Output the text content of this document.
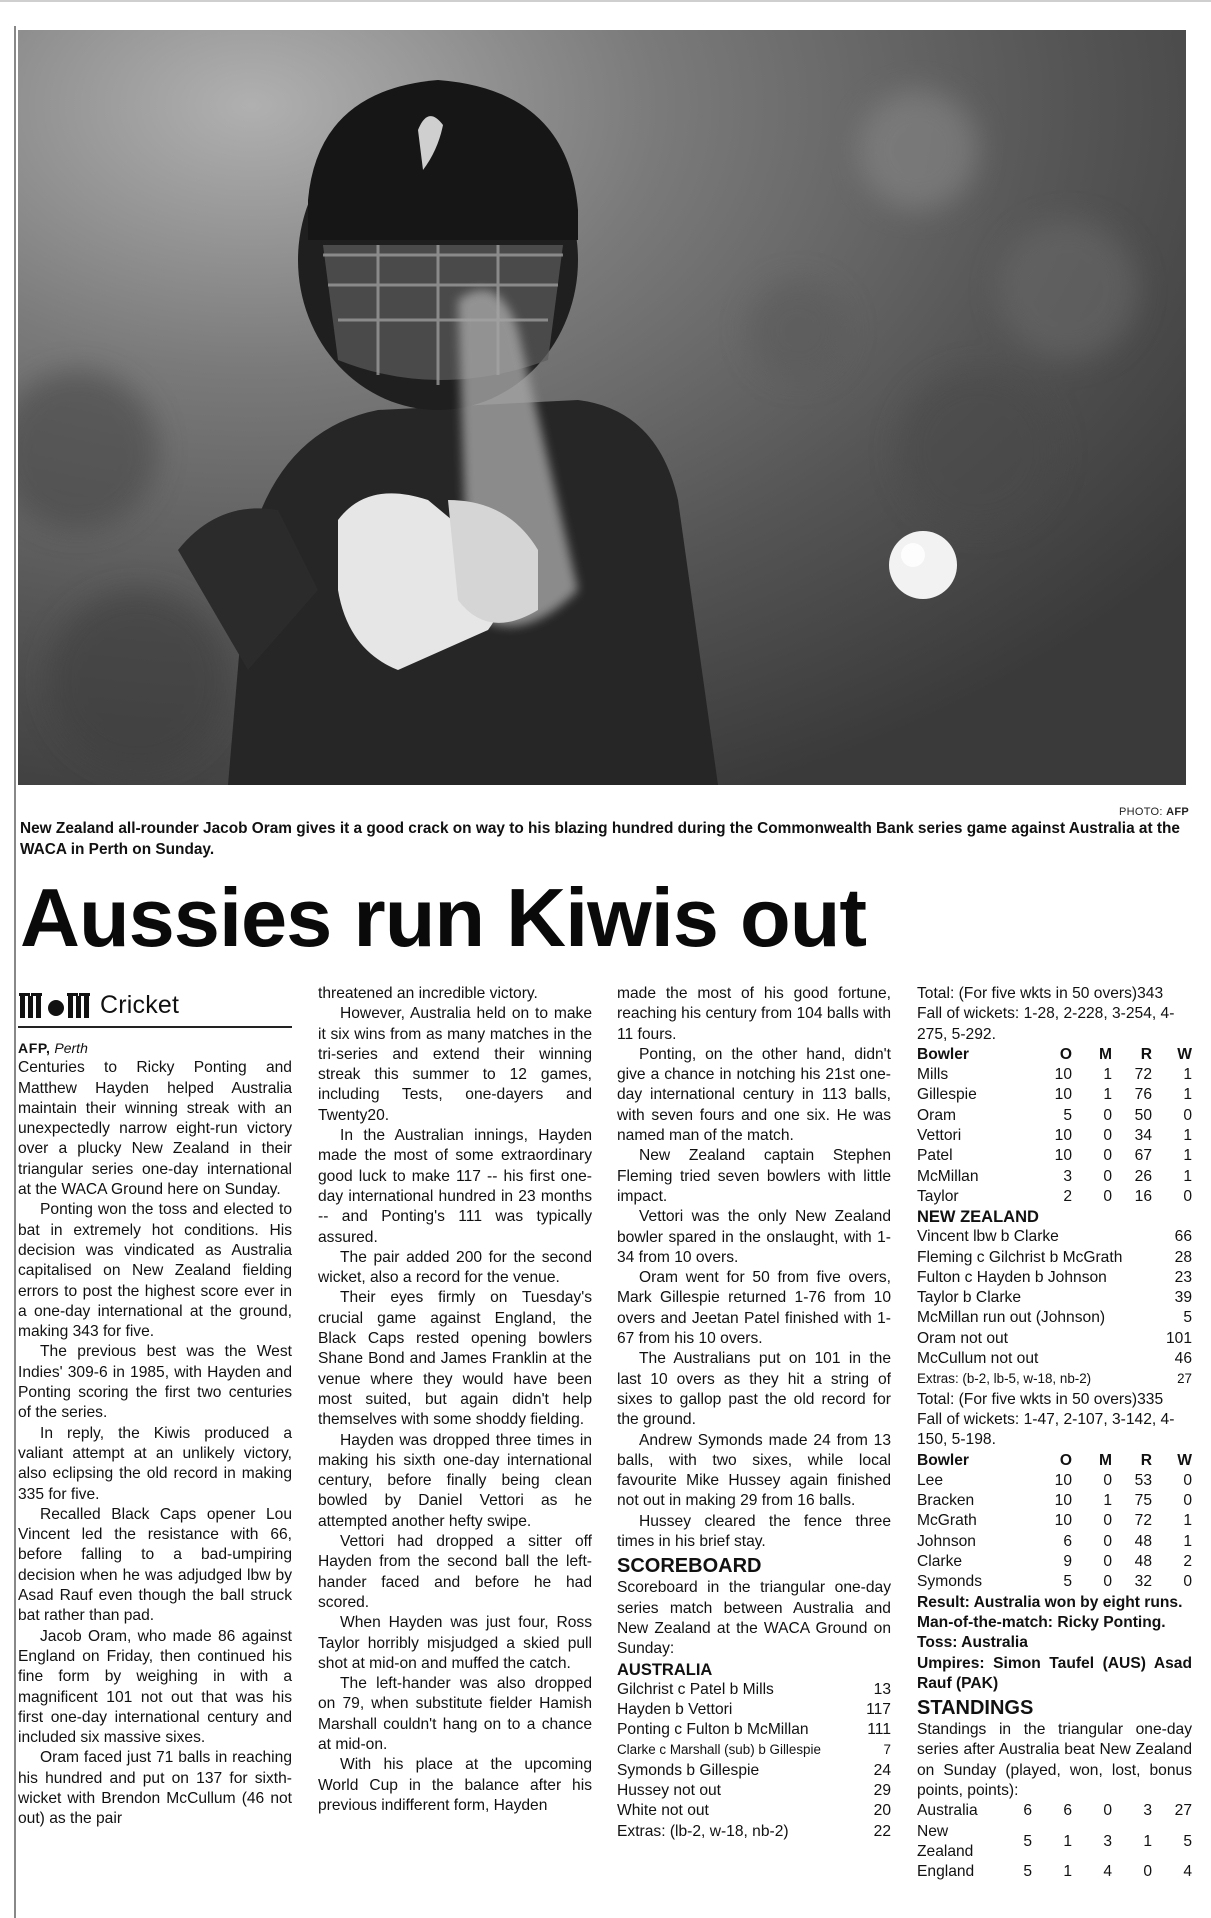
PHOTO: AFP
New Zealand all-rounder Jacob Oram gives it a good crack on way to his blazing hundred during the Commonwealth Bank series game against Australia at the WACA in Perth on Sunday.
Aussies run Kiwis out
Cricket

AFP, Perth

Centuries to Ricky Ponting and Matthew Hayden helped Australia maintain their winning streak with an unexpectedly narrow eight-run victory over a plucky New Zealand in their triangular series one-day international at the WACA Ground here on Sunday.

Ponting won the toss and elected to bat in extremely hot conditions. His decision was vindicated as Australia capitalised on New Zealand fielding errors to post the highest score ever in a one-day international at the ground, making 343 for five.

The previous best was the West Indies' 309-6 in 1985, with Hayden and Ponting scoring the first two centuries of the series.

In reply, the Kiwis produced a valiant attempt at an unlikely victory, also eclipsing the old record in making 335 for five.

Recalled Black Caps opener Lou Vincent led the resistance with 66, before falling to a bad-umpiring decision when he was adjudged lbw by Asad Rauf even though the ball struck bat rather than pad.

Jacob Oram, who made 86 against England on Friday, then continued his fine form by weighing in with a magnificent 101 not out that was his first one-day international century and included six massive sixes.

Oram faced just 71 balls in reaching his hundred and put on 137 for sixth-wicket with Brendon McCullum (46 not out) as the pair

threatened an incredible victory.

However, Australia held on to make it six wins from as many matches in the tri-series and extend their winning streak this summer to 12 games, including Tests, one-dayers and Twenty20.

In the Australian innings, Hayden made the most of some extraordinary good luck to make 117 -- his first one-day international hundred in 23 months -- and Ponting's 111 was typically assured.

The pair added 200 for the second wicket, also a record for the venue.

Their eyes firmly on Tuesday's crucial game against England, the Black Caps rested opening bowlers Shane Bond and James Franklin at the venue where they would have been most suited, but again didn't help themselves with some shoddy fielding.

Hayden was dropped three times in making his sixth one-day international century, before finally being clean bowled by Daniel Vettori as he attempted another hefty swipe.

Vettori had dropped a sitter off Hayden from the second ball the left-hander faced and before he had scored.

When Hayden was just four, Ross Taylor horribly misjudged a skied pull shot at mid-on and muffed the catch.

The left-hander was also dropped on 79, when substitute fielder Hamish Marshall couldn't hang on to a chance at mid-on.

With his place at the upcoming World Cup in the balance after his previous indifferent form, Hayden

made the most of his good fortune, reaching his century from 104 balls with 11 fours.

Ponting, on the other hand, didn't give a chance in notching his 21st one-day international century in 113 balls, with seven fours and one six. He was named man of the match.

New Zealand captain Stephen Fleming tried seven bowlers with little impact.

Vettori was the only New Zealand bowler spared in the onslaught, with 1-34 from 10 overs.

Oram went for 50 from five overs, Mark Gillespie returned 1-76 from 10 overs and Jeetan Patel finished with 1-67 from his 10 overs.

The Australians put on 101 in the last 10 overs as they hit a string of sixes to gallop past the old record for the ground.

Andrew Symonds made 24 from 13 balls, with two sixes, while local favourite Mike Hussey again finished not out in making 29 from 16 balls.

Hussey cleared the fence three times in his brief stay.

SCOREBOARD

Scoreboard in the triangular one-day series match between Australia and New Zealand at the WACA Ground on Sunday:

AUSTRALIA
Gilchrist c Patel b Mills	13
Hayden b Vettori	117
Ponting c Fulton b McMillan	111
Clarke c Marshall (sub) b Gillespie	7
Symonds b Gillespie	24
Hussey not out	29
White not out	20
Extras: (lb-2, w-18, nb-2)	22
Total: (For five wkts in 50 overs)343
Fall of wickets: 1-28, 2-228, 3-254, 4-275, 5-292.
Bowler	O	M	R	W
Mills	10	1	72	1
Gillespie	10	1	76	1
Oram	5	0	50	0
Vettori	10	0	34	1
Patel	10	0	67	1
McMillan	3	0	26	1
Taylor	2	0	16	0
NEW ZEALAND
Vincent lbw b Clarke	66
Fleming c Gilchrist b McGrath	28
Fulton c Hayden b Johnson	23
Taylor b Clarke	39
McMillan run out (Johnson)	5
Oram not out	101
McCullum not out	46
Extras: (b-2, lb-5, w-18, nb-2)	27
Total: (For five wkts in 50 overs)335
Fall of wickets: 1-47, 2-107, 3-142, 4-150, 5-198.
Bowler	O	M	R	W
Lee	10	0	53	0
Bracken	10	1	75	0
McGrath	10	0	72	1
Johnson	6	0	48	1
Clarke	9	0	48	2
Symonds	5	0	32	0
Result: Australia won by eight runs.
Man-of-the-match: Ricky Ponting.
Toss: Australia
Umpires: Simon Taufel (AUS) Asad Rauf (PAK)
STANDINGS
Standings in the triangular one-day series after Australia beat New Zealand on Sunday (played, won, lost, bonus points, points):
Australia	6	6	0	3	27
New Zealand	5	1	3	1	5
England	5	1	4	0	4
